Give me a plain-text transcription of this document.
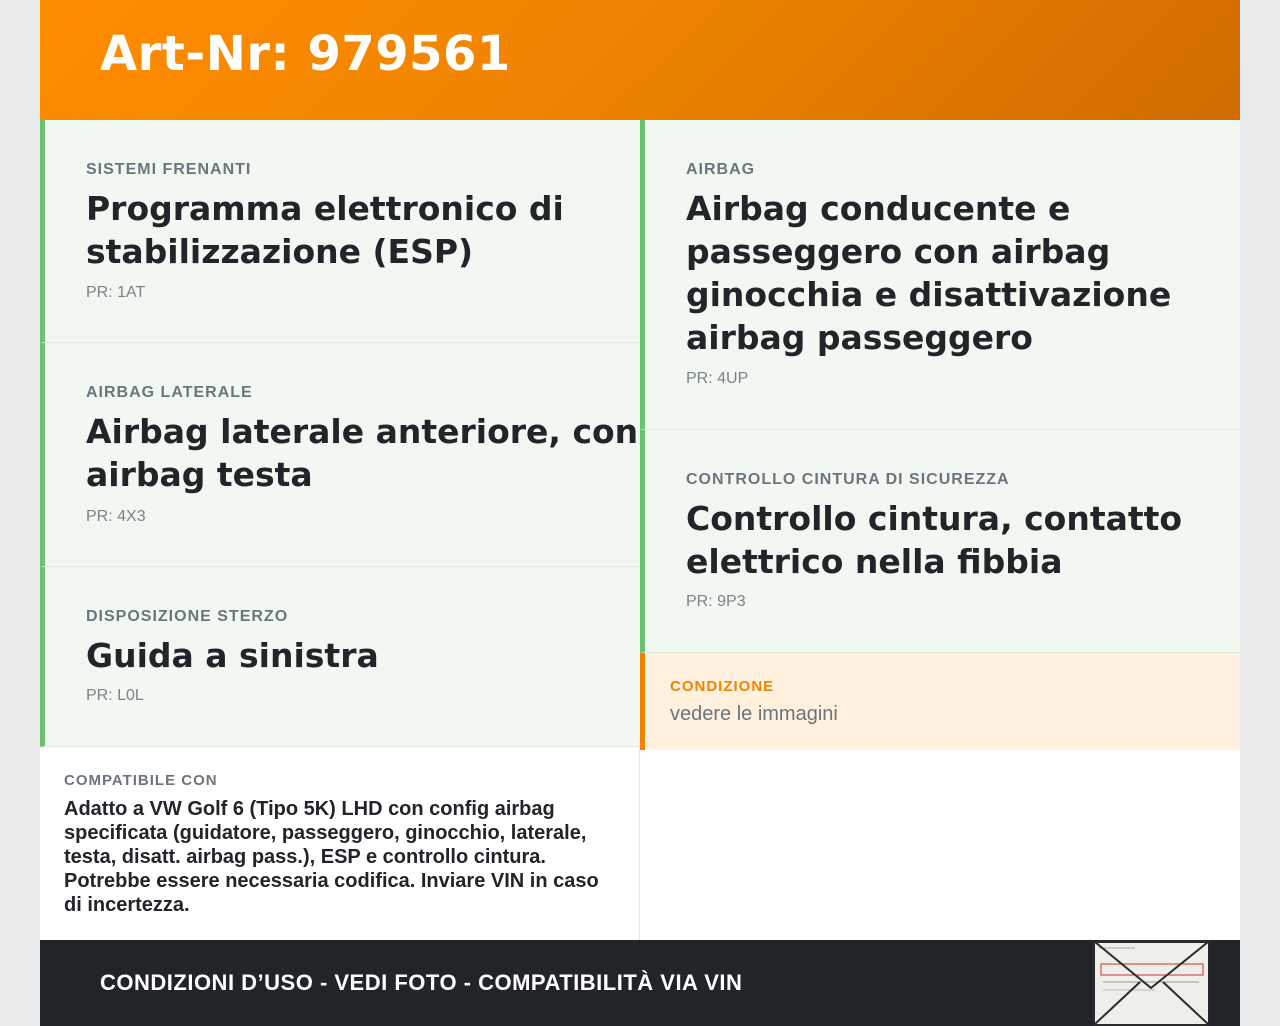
Art-Nr: 979561
SISTEMI FRENANTI
Programma elettronico di
stabilizzazione (ESP)
PR: 1AT
AIRBAG LATERALE
Airbag laterale anteriore, con
airbag testa
PR: 4X3
DISPOSIZIONE STERZO
Guida a sinistra
PR: L0L
AIRBAG
Airbag conducente e
passeggero con airbag
ginocchia e disattivazione
airbag passeggero
PR: 4UP
CONTROLLO CINTURA DI SICUREZZA
Controllo cintura, contatto
elettrico nella fibbia
PR: 9P3
CONDIZIONE
vedere le immagini
COMPATIBILE CON
Adatto a VW Golf 6 (Tipo 5K) LHD con config airbag
specificata (guidatore, passeggero, ginocchio, laterale,
testa, disatt. airbag pass.), ESP e controllo cintura.
Potrebbe essere necessaria codifica. Inviare VIN in caso
di incertezza.
CONDIZIONI D’USO - VEDI FOTO - COMPATIBILITÀ VIA VIN
